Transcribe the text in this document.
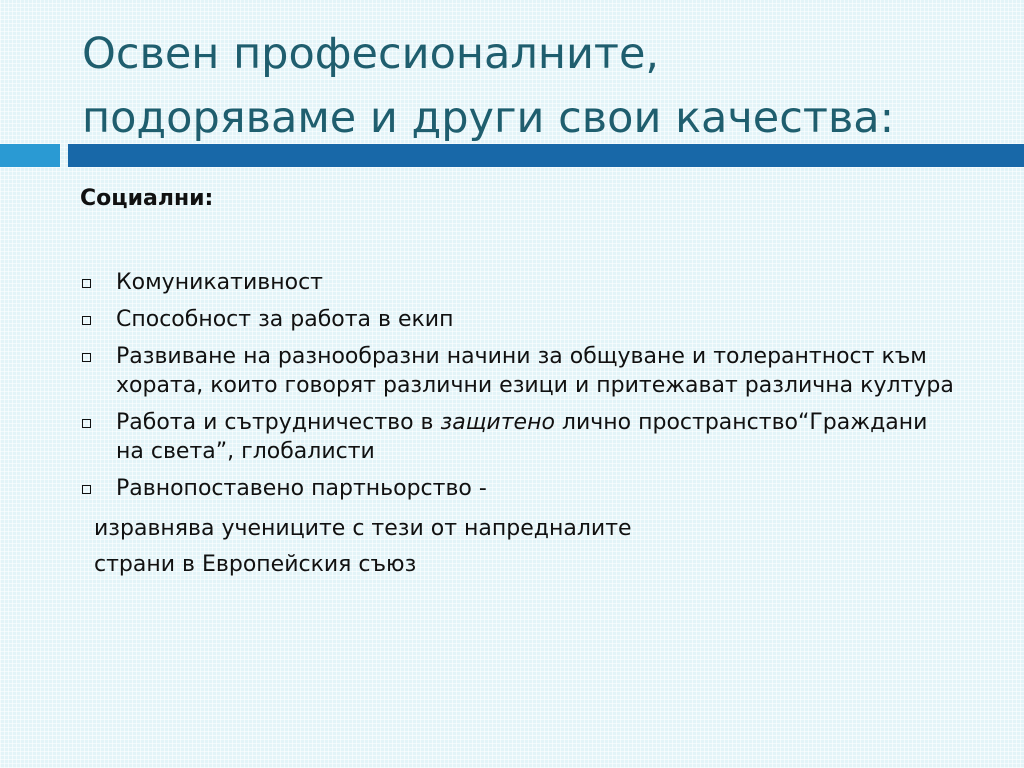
Освен професионалните,
подоряваме и други свои качества:

Социални:

Комуникативност
Способност за работа в екип
Развиване на разнообразни начини за общуване и толерантност към хората, които говорят различни езици и притежават различна култура
Работа и сътрудничество в защитено лично пространство“Граждани на света”, глобалисти
Равнопоставено партньорство -

изравнява учениците с тези от напредналите

страни в Европейския съюз
